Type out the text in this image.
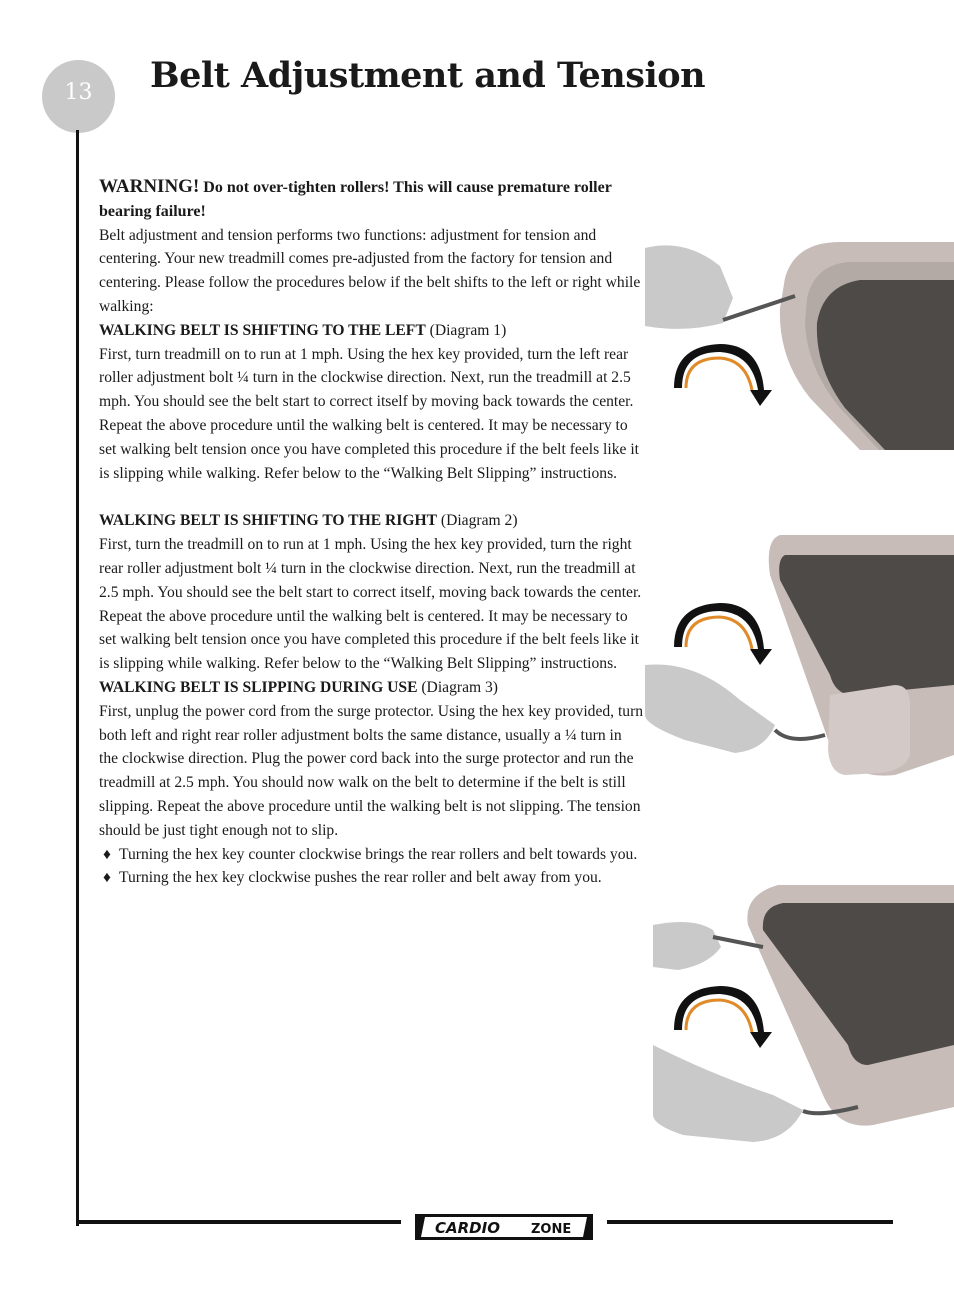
13	Belt Adjustment and Tension

WARNING! Do not over-tighten rollers! This will cause premature roller bearing failure!

Belt adjustment and tension performs two functions: adjustment for tension and centering. Your new treadmill comes pre-adjusted from the factory for tension and centering. Please follow the procedures below if the belt shifts to the left or right while walking:

WALKING BELT IS SHIFTING TO THE LEFT (Diagram 1)

First, turn treadmill on to run at 1 mph. Using the hex key provided, turn the left rear roller adjustment bolt ¼ turn in the clockwise direction. Next, run the treadmill at 2.5 mph. You should see the belt start to correct itself by moving back towards the center. Repeat the above procedure until the walking belt is centered. It may be necessary to set walking belt tension once you have completed this procedure if the belt feels like it is slipping while walking. Refer below to the “Walking Belt Slipping” instructions.

WALKING BELT IS SHIFTING TO THE RIGHT (Diagram 2)

First, turn the treadmill on to run at 1 mph. Using the hex key provided, turn the right rear roller adjustment bolt ¼ turn in the clockwise direction. Next, run the treadmill at 2.5 mph. You should see the belt start to correct itself, moving back towards the center. Repeat the above procedure until the walking belt is centered. It may be necessary to set walking belt tension once you have completed this procedure if the belt feels like it is slipping while walking. Refer below to the “Walking Belt Slipping” instructions.

WALKING BELT IS SLIPPING DURING USE (Diagram 3)

First, unplug the power cord from the surge protector. Using the hex key provided, turn both left and right rear roller adjustment bolts the same distance, usually a ¼ turn in the clockwise direction. Plug the power cord back into the surge protector and run the treadmill at 2.5 mph. You should now walk on the belt to determine if the belt is still slipping. Repeat the above procedure until the walking belt is not slipping. The tension should be just tight enough not to slip.

♦ Turning the hex key counter clockwise brings the rear rollers and belt towards you.

♦ Turning the hex key clockwise pushes the rear roller and belt away from you.

CARDIO ZONE
